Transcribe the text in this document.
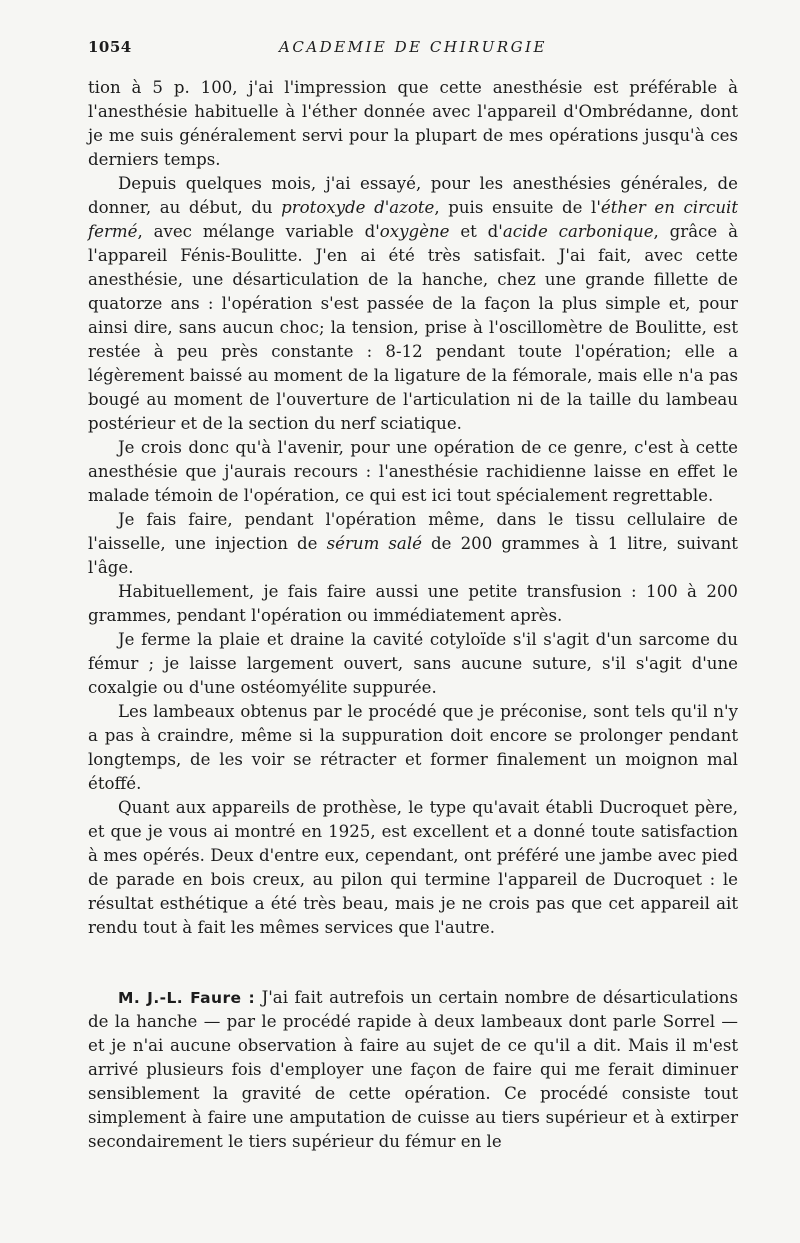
1054	ACADEMIE DE CHIRURGIE

tion à 5 p. 100, j'ai l'impression que cette anesthésie est préférable à l'anesthésie habituelle à l'éther donnée avec l'appareil d'Ombrédanne, dont je me suis généralement servi pour la plupart de mes opérations jusqu'à ces derniers temps.

Depuis quelques mois, j'ai essayé, pour les anesthésies générales, de donner, au début, du protoxyde d'azote, puis ensuite de l'éther en circuit fermé, avec mélange variable d'oxygène et d'acide carbonique, grâce à l'appareil Fénis-Boulitte. J'en ai été très satisfait. J'ai fait, avec cette anesthésie, une désarticulation de la hanche, chez une grande fillette de quatorze ans : l'opération s'est passée de la façon la plus simple et, pour ainsi dire, sans aucun choc; la tension, prise à l'oscillomètre de Boulitte, est restée à peu près constante : 8-12 pendant toute l'opération; elle a légèrement baissé au moment de la ligature de la fémorale, mais elle n'a pas bougé au moment de l'ouverture de l'articulation ni de la taille du lambeau postérieur et de la section du nerf sciatique.

Je crois donc qu'à l'avenir, pour une opération de ce genre, c'est à cette anesthésie que j'aurais recours : l'anesthésie rachidienne laisse en effet le malade témoin de l'opération, ce qui est ici tout spécialement regrettable.

Je fais faire, pendant l'opération même, dans le tissu cellulaire de l'aisselle, une injection de sérum salé de 200 grammes à 1 litre, suivant l'âge.

Habituellement, je fais faire aussi une petite transfusion : 100 à 200 grammes, pendant l'opération ou immédiatement après.

Je ferme la plaie et draine la cavité cotyloïde s'il s'agit d'un sarcome du fémur ; je laisse largement ouvert, sans aucune suture, s'il s'agit d'une coxalgie ou d'une ostéomyélite suppurée.

Les lambeaux obtenus par le procédé que je préconise, sont tels qu'il n'y a pas à craindre, même si la suppuration doit encore se prolonger pendant longtemps, de les voir se rétracter et former finalement un moignon mal étoffé.

Quant aux appareils de prothèse, le type qu'avait établi Ducroquet père, et que je vous ai montré en 1925, est excellent et a donné toute satisfaction à mes opérés. Deux d'entre eux, cependant, ont préféré une jambe avec pied de parade en bois creux, au pilon qui termine l'appareil de Ducroquet : le résultat esthétique a été très beau, mais je ne crois pas que cet appareil ait rendu tout à fait les mêmes services que l'autre.

M. J.-L. Faure : J'ai fait autrefois un certain nombre de désarticulations de la hanche — par le procédé rapide à deux lambeaux dont parle Sorrel — et je n'ai aucune observation à faire au sujet de ce qu'il a dit. Mais il m'est arrivé plusieurs fois d'employer une façon de faire qui me ferait diminuer sensiblement la gravité de cette opération. Ce procédé consiste tout simplement à faire une amputation de cuisse au tiers supérieur et à extirper secondairement le tiers supérieur du fémur en le
